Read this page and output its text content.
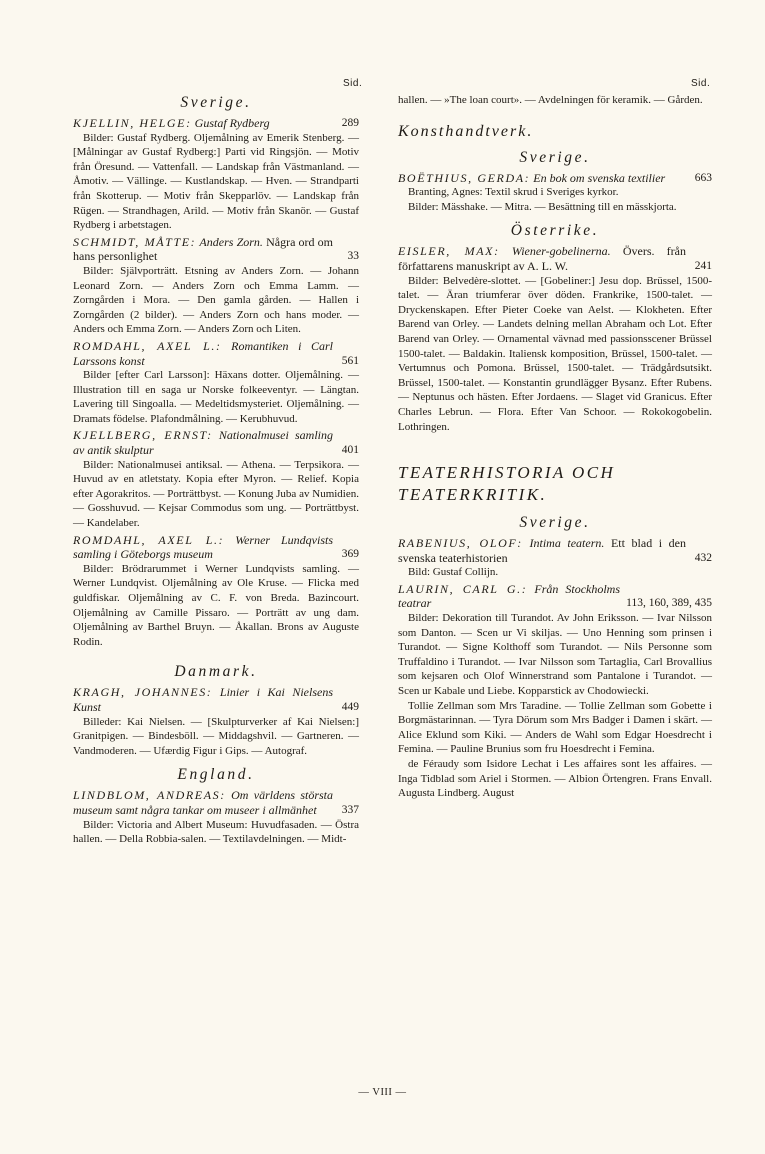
Sid.	Sid.
Sverige.
KJELLIN, HELGE: Gustaf Rydberg	289

Bilder: Gustaf Rydberg. Oljemålning av Emerik Stenberg. — [Målningar av Gustaf Rydberg:] Parti vid Ringsjön. — Motiv från Öresund. — Vattenfall. — Landskap från Västmanland. — Åmotiv. — Vällinge. — Kustlandskap. — Hven. — Strandparti från Skotterup. — Motiv från Skepparlöv. — Landskap från Rügen. — Strandhagen, Arild. — Motiv från Skanör. — Gustaf Rydberg i arbetstagen.

SCHMIDT, MÅTTE: Anders Zorn. Några ord om hans personlighet	33

Bilder: Självporträtt. Etsning av Anders Zorn. — Johann Leonard Zorn. — Anders Zorn och Emma Lamm. — Zorngården i Mora. — Den gamla gården. — Hallen i Zorngården (2 bilder). — Anders Zorn och hans moder. — Anders och Emma Zorn. — Anders Zorn och Liten.

ROMDAHL, AXEL L.: Romantiken i Carl Larssons konst	561

Bilder [efter Carl Larsson]: Häxans dotter. Oljemålning. — Illustration till en saga ur Norske folkeeventyr. — Längtan. Lavering till Singoalla. — Medeltidsmysteriet. Oljemålning. — Dramats födelse. Plafondmålning. — Kerubhuvud.

KJELLBERG, ERNST: Nationalmusei samling av antik skulptur	401

Bilder: Nationalmusei antiksal. — Athena. — Terpsikora. — Huvud av en atletstaty. Kopia efter Myron. — Relief. Kopia efter Agorakritos. — Porträttbyst. — Konung Juba av Numidien. — Gosshuvud. — Kejsar Commodus som ung. — Porträttbyst. — Kandelaber.

ROMDAHL, AXEL L.: Werner Lundqvists samling i Göteborgs museum	369

Bilder: Brödrarummet i Werner Lundqvists samling. — Werner Lundqvist. Oljemålning av Ole Kruse. — Flicka med guldfiskar. Oljemålning av C. F. von Breda. Bazincourt. Oljemålning av Camille Pissaro. — Porträtt av ung dam. Oljemålning av Barthel Bruyn. — Åkallan. Brons av Auguste Rodin.

Danmark.
KRAGH, JOHANNES: Linier i Kai Nielsens Kunst	449

Billeder: Kai Nielsen. — [Skulpturverker af Kai Nielsen:] Granitpigen. — Bindesböll. — Middagshvil. — Gartneren. — Vandmoderen. — Ufærdig Figur i Gips. — Autograf.

England.
LINDBLOM, ANDREAS: Om världens största museum samt några tankar om museer i allmänhet 337

Bilder: Victoria and Albert Museum: Huvudfasaden. — Östra hallen. — Della Robbia-salen. — Textilavdelningen. — Midt-

hallen. — »The loan court». — Avdelningen för keramik. — Gården.

Konsthandtverk.
Sverige.
BOËTHIUS, GERDA: En bok om svenska textilier	663

Branting, Agnes: Textil skrud i Sveriges kyrkor.

Bilder: Mässhake. — Mitra. — Besättning till en mässkjorta.

Österrike.
EISLER, MAX: Wiener-gobelinerna. Övers. från författarens manuskript av A. L. W.	241

Bilder: Belvedère-slottet. — [Gobeliner:] Jesu dop. Brüssel, 1500-talet. — Äran triumferar över döden. Frankrike, 1500-talet. — Dryckenskapen. Efter Pieter Coeke van Aelst. — Klokheten. Efter Barend van Orley. — Landets delning mellan Abraham och Lot. Efter Barend van Orley. — Ornamental vävnad med passionsscener Brüssel 1500-talet. — Baldakin. Italiensk komposition, Brüssel, 1500-talet. — Vertumnus och Pomona. Brüssel, 1500-talet. — Trädgårdsutsikt. Brüssel, 1500-talet. — Konstantin grundlägger Bysanz. Efter Rubens. — Neptunus och hästen. Efter Jordaens. — Slaget vid Granicus. Efter Charles Lebrun. — Flora. Efter Van Schoor. — Rokokogobelin. Lothringen.

TEATERHISTORIA OCH TEATERKRITIK.
Sverige.
RABENIUS, OLOF: Intima teatern. Ett blad i den svenska teaterhistorien	432

Bild: Gustaf Collijn.

LAURIN, CARL G.: Från Stockholms teatrar	113, 160, 389, 435

Bilder: Dekoration till Turandot. Av John Eriksson. — Ivar Nilsson som Danton. — Scen ur Vi skiljas. — Uno Henning som prinsen i Turandot. — Signe Kolthoff som Turandot. — Nils Personne som Truffaldino i Turandot. — Ivar Nilsson som Tartaglia, Carl Brovallius som kejsaren och Olof Winnerstrand som Pantalone i Turandot. — Scen ur Kabale und Liebe. Kopparstick av Chodowiecki.

Tollie Zellman som Mrs Taradine. — Tollie Zellman som Gobette i Borgmästarinnan. — Tyra Dörum som Mrs Badger i Damen i skärt. — Alice Eklund som Kiki. — Anders de Wahl som Edgar Hoesdrecht i Femina. — Pauline Brunius som fru Hoesdrecht i Femina.

de Féraudy som Isidore Lechat i Les affaires sont les affaires. — Inga Tidblad som Ariel i Stormen. — Albion Örtengren. Frans Envall. Augusta Lindberg. August

— VIII —
